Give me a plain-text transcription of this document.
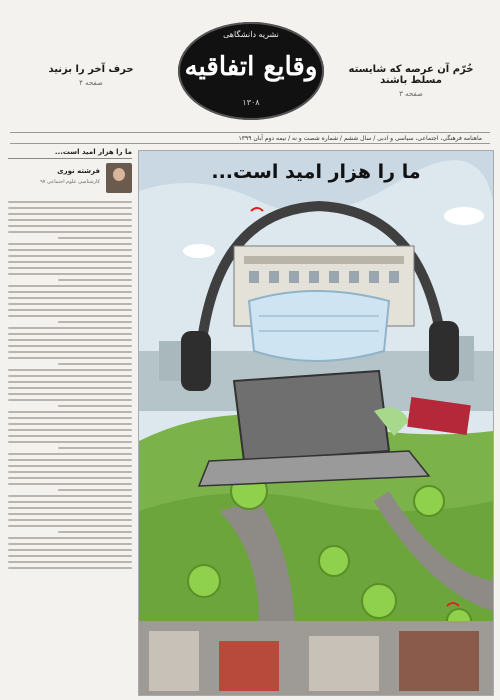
حرف آخر را بزنید
صفحه ۴
نشریه دانشگاهی
وقایع اتفاقیه
۱۳۰۸
خُرّم آن عرصه که شایسته مسلط باشند
صفحه ۳
ماهنامه فرهنگی، اجتماعی، سیاسی و ادبی / سال ششم / شماره شصت و نه / نیمه دوم آبان ۱۳۹۹
ما را هزار امید است...
فرشته نوری
کارشناسی علوم اجتماعی ۹۷	ما را هزار امید است...
